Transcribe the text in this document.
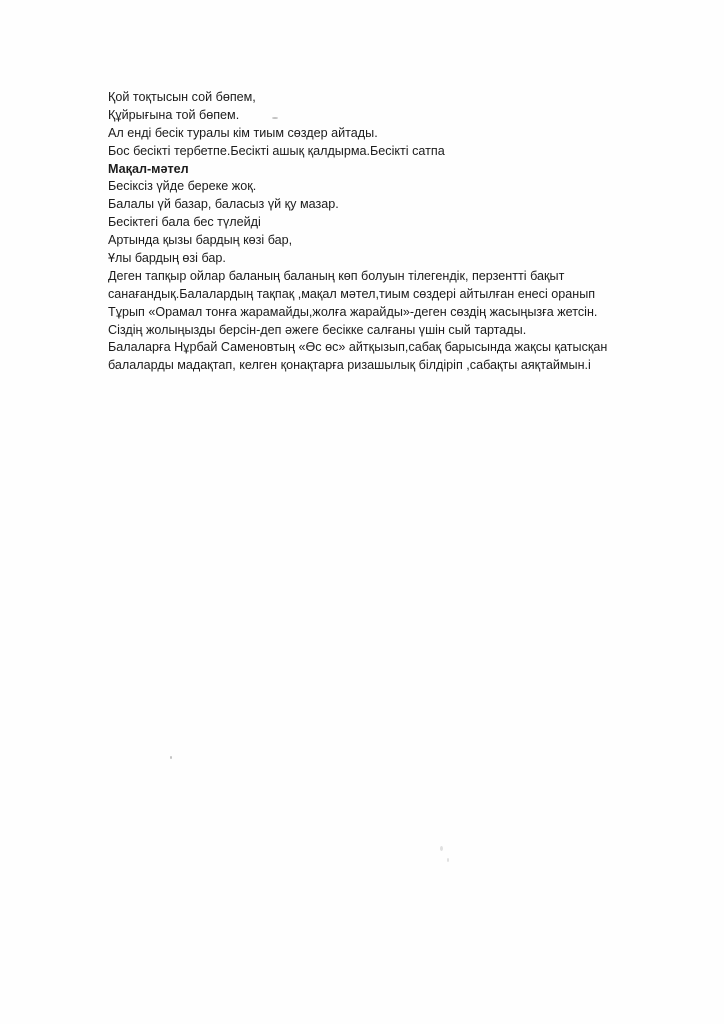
Қой тоқтысын сой бөпем,

Құйрығына той бөпем.

Ал енді бесік туралы кім тиым сөздер айтады.

Бос бесікті тербетпе.Бесікті ашық қалдырма.Бесікті сатпа

Мақал-мәтел

Бесіксіз үйде береке жоқ.

Балалы үй базар, баласыз үй қу мазар.

Бесіктегі бала бес түлейді

Артында қызы бардың көзі бар,

Ұлы бардың өзі бар.

Деген тапқыр ойлар баланың баланың көп болуын тілегендік, перзентті бақыт

санағандық.Балалардың тақпақ ,мақал мәтел,тиым сөздері айтылған енесі оранып

Тұрып «Орамал тонға жарамайды,жолға жарайды»-деген сөздің жасыңызға жетсін.

Сіздің жолыңызды берсін-деп әжеге бесікке салғаны үшін сый тартады.

Балаларға Нұрбай Саменовтың «Өс өс» айтқызып,сабақ барысында жақсы қатысқан

балаларды мадақтап, келген қонақтарға ризашылық білдіріп ,сабақты аяқтаймын.і
